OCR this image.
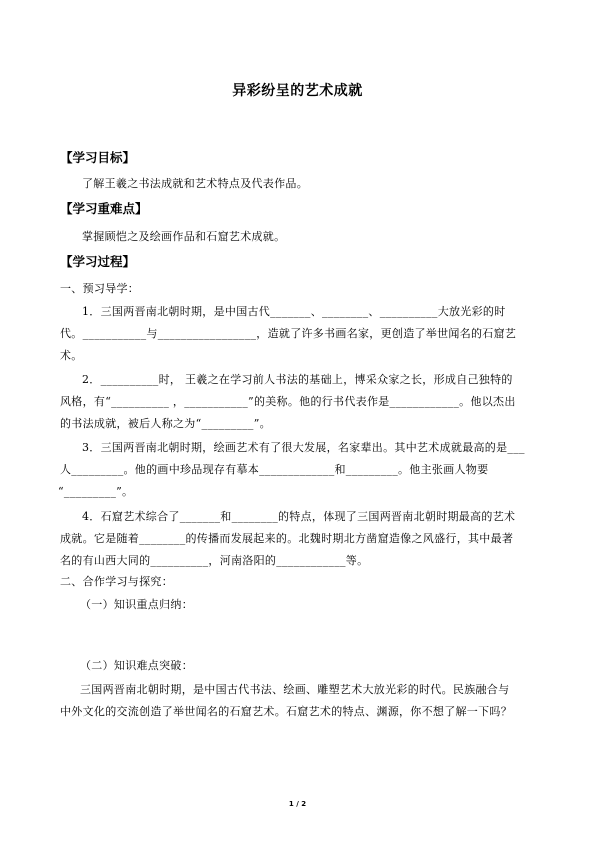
异彩纷呈的艺术成就
【学习目标】
了解王羲之书法成就和艺术特点及代表作品。
【学习重难点】
掌握顾恺之及绘画作品和石窟艺术成就。
【学习过程】
一、预习导学：
1．三国两晋南北朝时期，是中国古代_______、________、__________大放光彩的时
代。___________与_________________，造就了许多书画名家，更创造了举世闻名的石窟艺
术。
2．__________时， 王羲之在学习前人书法的基础上，博采众家之长，形成自己独特的
风格，有“__________ ，___________”的美称。他的行书代表作是____________。他以杰出
的书法成就，被后人称之为“_________”。
3．三国两晋南北朝时期，绘画艺术有了很大发展，名家辈出。其中艺术成就最高的是___
人_________。他的画中珍品现存有摹本_____________和_________。他主张画人物要
“_________”。
4．石窟艺术综合了_______和________的特点，体现了三国两晋南北朝时期最高的艺术
成就。它是随着________的传播而发展起来的。北魏时期北方凿窟造像之风盛行，其中最著
名的有山西大同的__________，河南洛阳的____________等。
二、合作学习与探究：
（一）知识重点归纳：
（二）知识难点突破：
三国两晋南北朝时期，是中国古代书法、绘画、雕塑艺术大放光彩的时代。民族融合与
中外文化的交流创造了举世闻名的石窟艺术。石窟艺术的特点、渊源，你不想了解一下吗？
1 / 2
